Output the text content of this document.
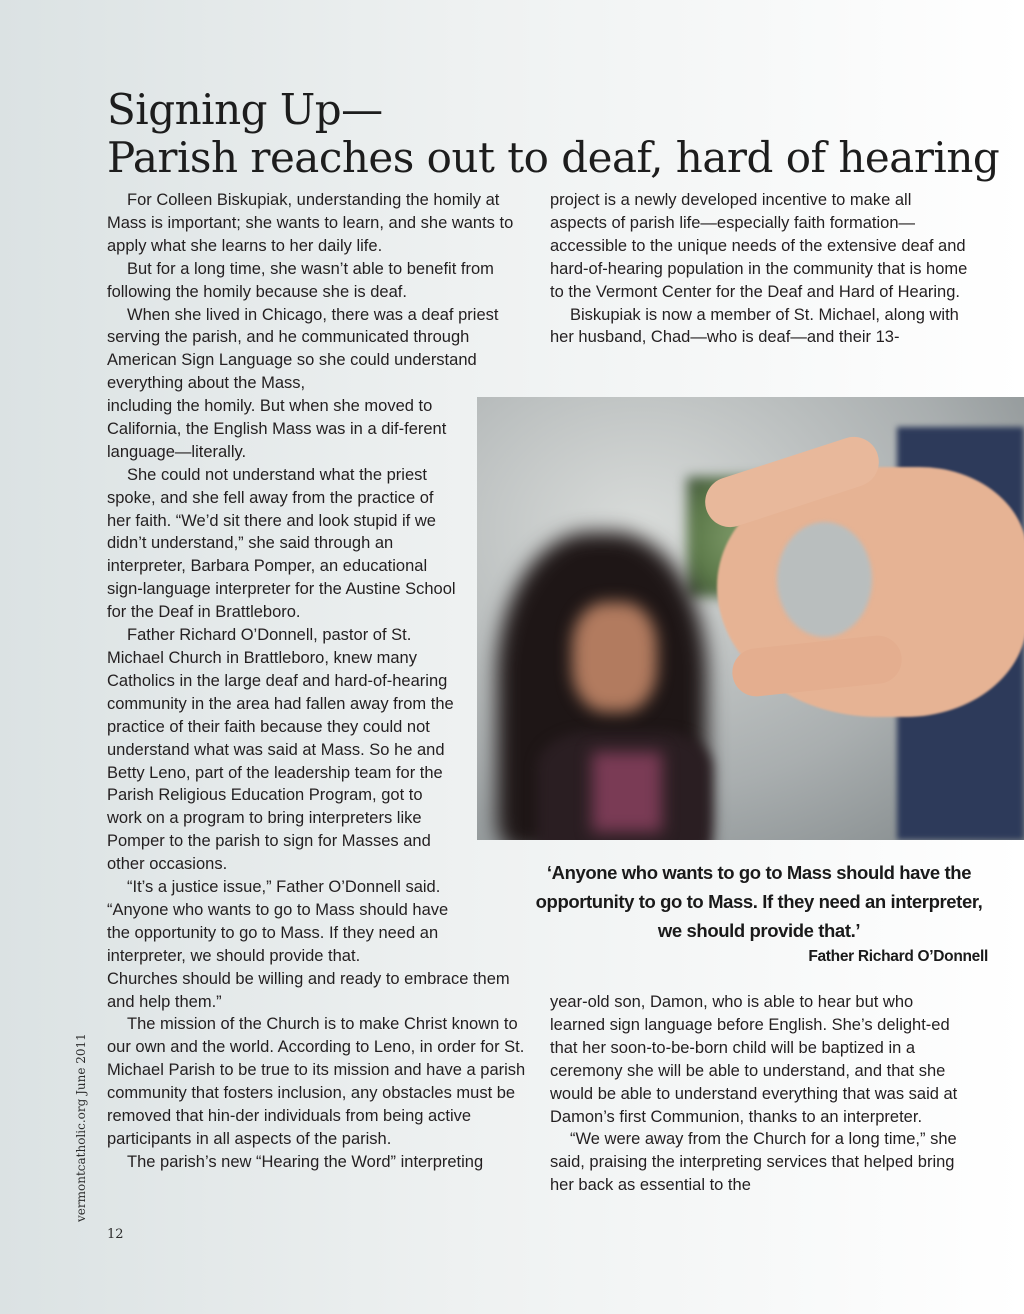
Signing Up—
Parish reaches out to deaf, hard of hearing

For Colleen Biskupiak, understanding the homily at Mass is important; she wants to learn, and she wants to apply what she learns to her daily life.

But for a long time, she wasn’t able to benefit from following the homily because she is deaf.

When she lived in Chicago, there was a deaf priest serving the parish, and he communicated through American Sign Language so she could understand everything about the Mass,

including the homily. But when she moved to California, the English Mass was in a dif-ferent language—literally.

She could not understand what the priest spoke, and she fell away from the practice of her faith. “We’d sit there and look stupid if we didn’t understand,” she said through an interpreter, Barbara Pomper, an educational sign-language interpreter for the Austine School for the Deaf in Brattleboro.

Father Richard O’Donnell, pastor of St. Michael Church in Brattleboro, knew many Catholics in the large deaf and hard-of-hearing community in the area had fallen away from the practice of their faith because they could not understand what was said at Mass. So he and Betty Leno, part of the leadership team for the Parish Religious Education Program, got to work on a program to bring interpreters like Pomper to the parish to sign for Masses and other occasions.

“It’s a justice issue,” Father O’Donnell said. “Anyone who wants to go to Mass should have the opportunity to go to Mass. If they need an interpreter, we should provide that.

Churches should be willing and ready to embrace them and help them.”

The mission of the Church is to make Christ known to our own and the world. According to Leno, in order for St. Michael Parish to be true to its mission and have a parish community that fosters inclusion, any obstacles must be removed that hin-der individuals from being active participants in all aspects of the parish.

The parish’s new “Hearing the Word” interpreting

project is a newly developed incentive to make all aspects of parish life—especially faith formation—accessible to the unique needs of the extensive deaf and hard-of-hearing population in the community that is home to the Vermont Center for the Deaf and Hard of Hearing.

Biskupiak is now a member of St. Michael, along with her husband, Chad—who is deaf—and their 13-

‘Anyone who wants to go to Mass should have the opportunity to go to Mass. If they need an interpreter, we should provide that.’

Father Richard O’Donnell

year-old son, Damon, who is able to hear but who learned sign language before English. She’s delight-ed that her soon-to-be-born child will be baptized in a ceremony she will be able to understand, and that she would be able to understand everything that was said at Damon’s first Communion, thanks to an interpreter.

“We were away from the Church for a long time,” she said, praising the interpreting services that helped bring her back as essential to the

vermontcatholic.org June 2011
12
